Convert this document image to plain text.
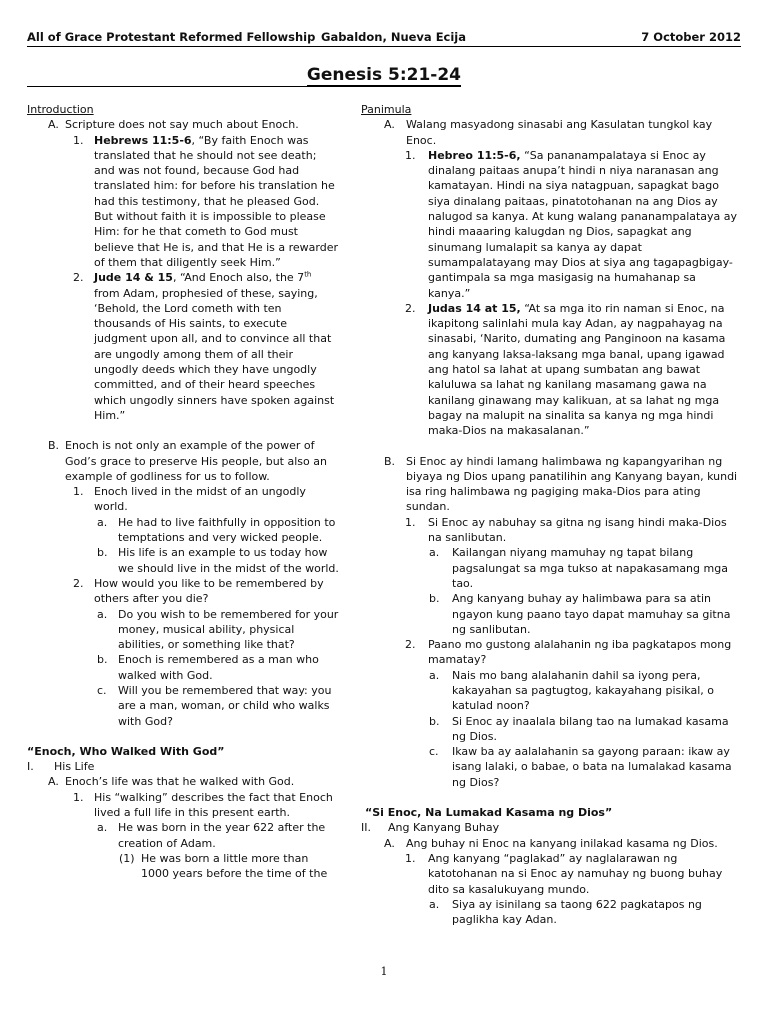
All of Grace Protestant Reformed Fellowship Gabaldon, Nueva Ecija	7 October 2012
Genesis 5:21-24
Introduction
A. Scripture does not say much about Enoch.
1. Hebrews 11:5-6, “By faith Enoch was translated that he should not see death; and was not found, because God had translated him: for before his translation he had this testimony, that he pleased God. But without faith it is impossible to please Him: for he that cometh to God must believe that He is, and that He is a rewarder of them that diligently seek Him.”
2. Jude 14 & 15, “And Enoch also, the 7th from Adam, prophesied of these, saying, ‘Behold, the Lord cometh with ten thousands of His saints, to execute judgment upon all, and to convince all that are ungodly among them of all their ungodly deeds which they have ungodly committed, and of their heard speeches which ungodly sinners have spoken against Him.”
B. Enoch is not only an example of the power of God’s grace to preserve His people, but also an example of godliness for us to follow.
1. Enoch lived in the midst of an ungodly world.
a. He had to live faithfully in opposition to temptations and very wicked people.
b. His life is an example to us today how we should live in the midst of the world.
2. How would you like to be remembered by others after you die?
a. Do you wish to be remembered for your money, musical ability, physical abilities, or something like that?
b. Enoch is remembered as a man who walked with God.
c. Will you be remembered that way: you are a man, woman, or child who walks with God?
“Enoch, Who Walked With God”
I. His Life
A. Enoch’s life was that he walked with God.
1. His “walking” describes the fact that Enoch lived a full life in this present earth.
a. He was born in the year 622 after the creation of Adam.
(1) He was born a little more than 1000 years before the time of the
Panimula
A. Walang masyadong sinasabi ang Kasulatan tungkol kay Enoc.
1. Hebreo 11:5-6, “Sa pananampalataya si Enoc ay dinalang paitaas anupa’t hindi n niya naranasan ang kamatayan. Hindi na siya natagpuan, sapagkat bago siya dinalang paitaas, pinatotohanan na ang Dios ay nalugod sa kanya. At kung walang pananampalataya ay hindi maaaring kalugdan ng Dios, sapagkat ang sinumang lumalapit sa kanya ay dapat sumampalatayang may Dios at siya ang tagapagbigay-gantimpala sa mga masigasig na humahanap sa kanya.”
2. Judas 14 at 15, “At sa mga ito rin naman si Enoc, na ikapitong salinlahi mula kay Adan, ay nagpahayag na sinasabi, ‘Narito, dumating ang Panginoon na kasama ang kanyang laksa-laksang mga banal, upang igawad ang hatol sa lahat at upang sumbatan ang bawat kaluluwa sa lahat ng kanilang masamang gawa na kanilang ginawang may kalikuan, at sa lahat ng mga bagay na malupit na sinalita sa kanya ng mga hindi maka-Dios na makasalanan.”
B. Si Enoc ay hindi lamang halimbawa ng kapangyarihan ng biyaya ng Dios upang panatilihin ang Kanyang bayan, kundi isa ring halimbawa ng pagiging maka-Dios para ating sundan.
1. Si Enoc ay nabuhay sa gitna ng isang hindi maka-Dios na sanlibutan.
a. Kailangan niyang mamuhay ng tapat bilang pagsalungat sa mga tukso at napakasamang mga tao.
b. Ang kanyang buhay ay halimbawa para sa atin ngayon kung paano tayo dapat mamuhay sa gitna ng sanlibutan.
2. Paano mo gustong alalahanin ng iba pagkatapos mong mamatay?
a. Nais mo bang alalahanin dahil sa iyong pera, kakayahan sa pagtugtog, kakayahang pisikal, o katulad noon?
b. Si Enoc ay inaalala bilang tao na lumakad kasama ng Dios.
c. Ikaw ba ay aalalahanin sa gayong paraan: ikaw ay isang lalaki, o babae, o bata na lumalakad kasama ng Dios?
“Si Enoc, Na Lumakad Kasama ng Dios”
II. Ang Kanyang Buhay
A. Ang buhay ni Enoc na kanyang inilakad kasama ng Dios.
1. Ang kanyang “paglakad” ay naglalarawan ng katotohanan na si Enoc ay namuhay ng buong buhay dito sa kasalukuyang mundo.
a. Siya ay isinilang sa taong 622 pagkatapos ng paglikha kay Adan.
1
